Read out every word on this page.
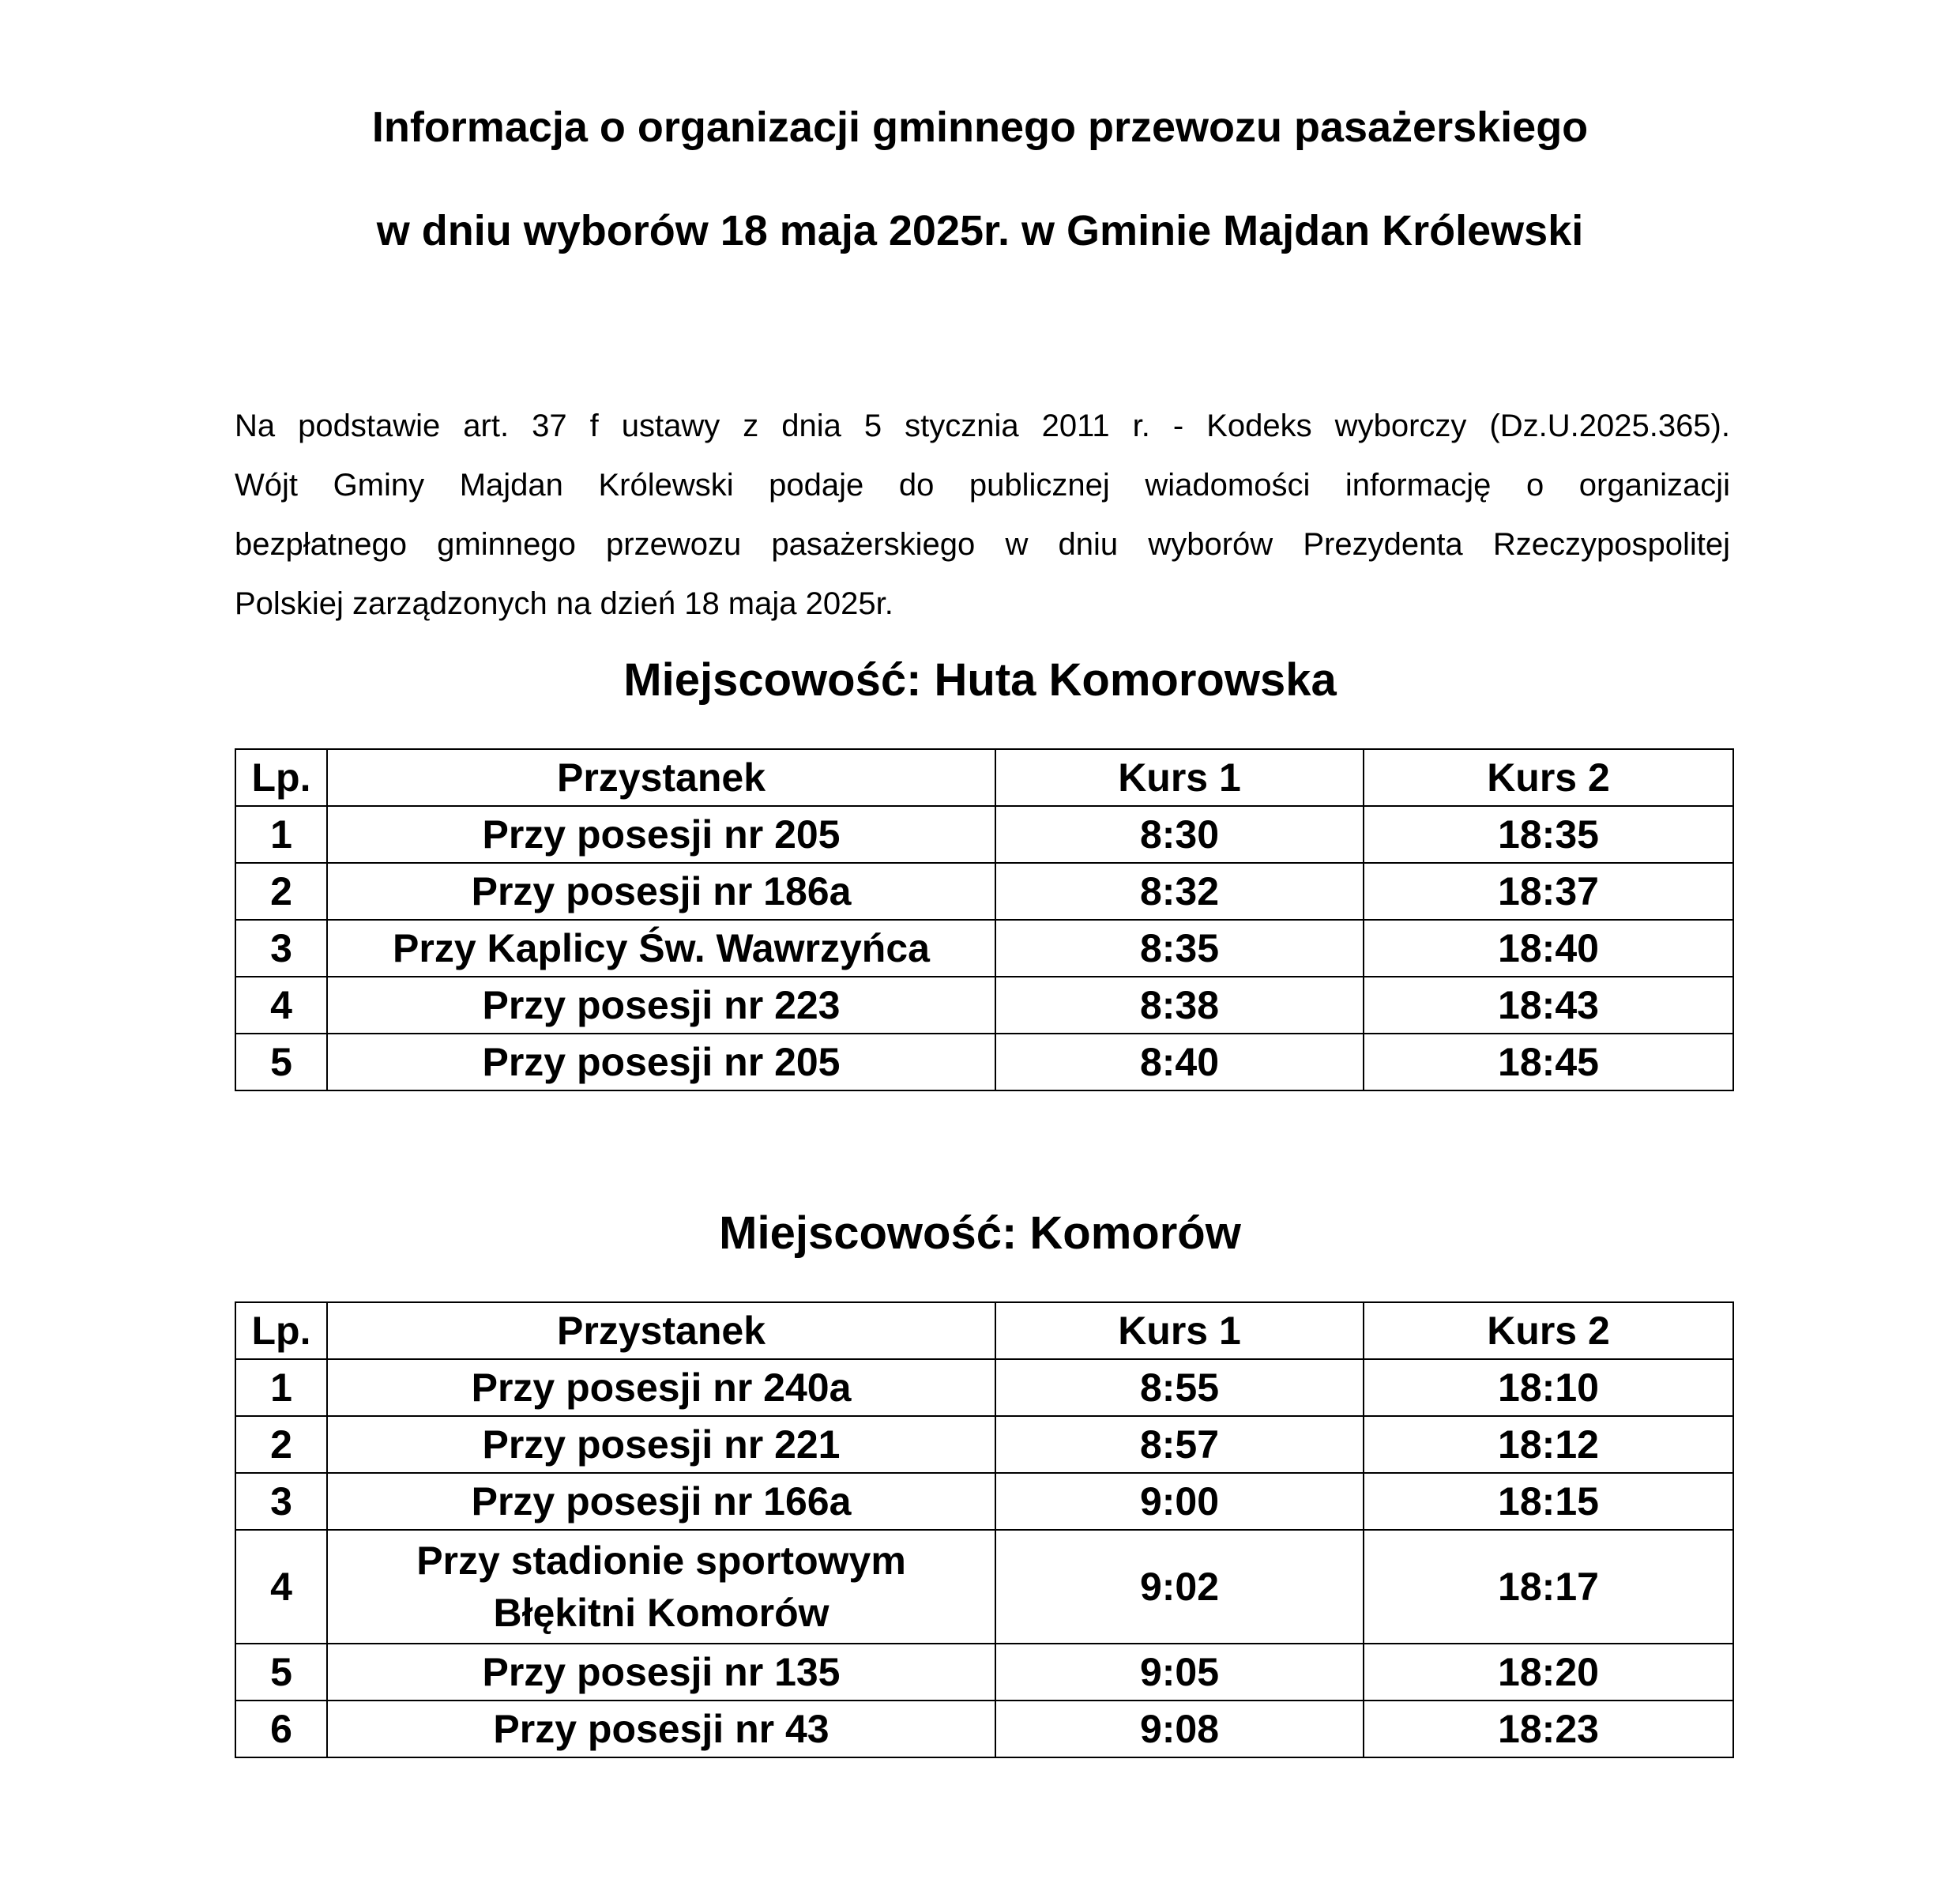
Informacja o organizacji gminnego przewozu pasażerskiego
w dniu wyborów 18 maja 2025r. w Gminie Majdan Królewski
Na podstawie art. 37 f ustawy z dnia 5 stycznia 2011 r. - Kodeks wyborczy (Dz.U.2025.365).
Wójt Gminy Majdan Królewski podaje do publicznej wiadomości informację o organizacji
bezpłatnego gminnego przewozu pasażerskiego w dniu wyborów Prezydenta Rzeczypospolitej
Polskiej zarządzonych na dzień 18 maja 2025r.
Miejscowość: Huta Komorowska
Lp.	Przystanek	Kurs 1	Kurs 2
1	Przy posesji nr 205	8:30	18:35
2	Przy posesji nr 186a	8:32	18:37
3	Przy Kaplicy Św. Wawrzyńca	8:35	18:40
4	Przy posesji nr 223	8:38	18:43
5	Przy posesji nr 205	8:40	18:45
Miejscowość: Komorów
Lp.	Przystanek	Kurs 1	Kurs 2
1	Przy posesji nr 240a	8:55	18:10
2	Przy posesji nr 221	8:57	18:12
3	Przy posesji nr 166a	9:00	18:15
4	Przy stadionie sportowym
Błękitni Komorów	9:02	18:17
5	Przy posesji nr 135	9:05	18:20
6	Przy posesji nr 43	9:08	18:23
